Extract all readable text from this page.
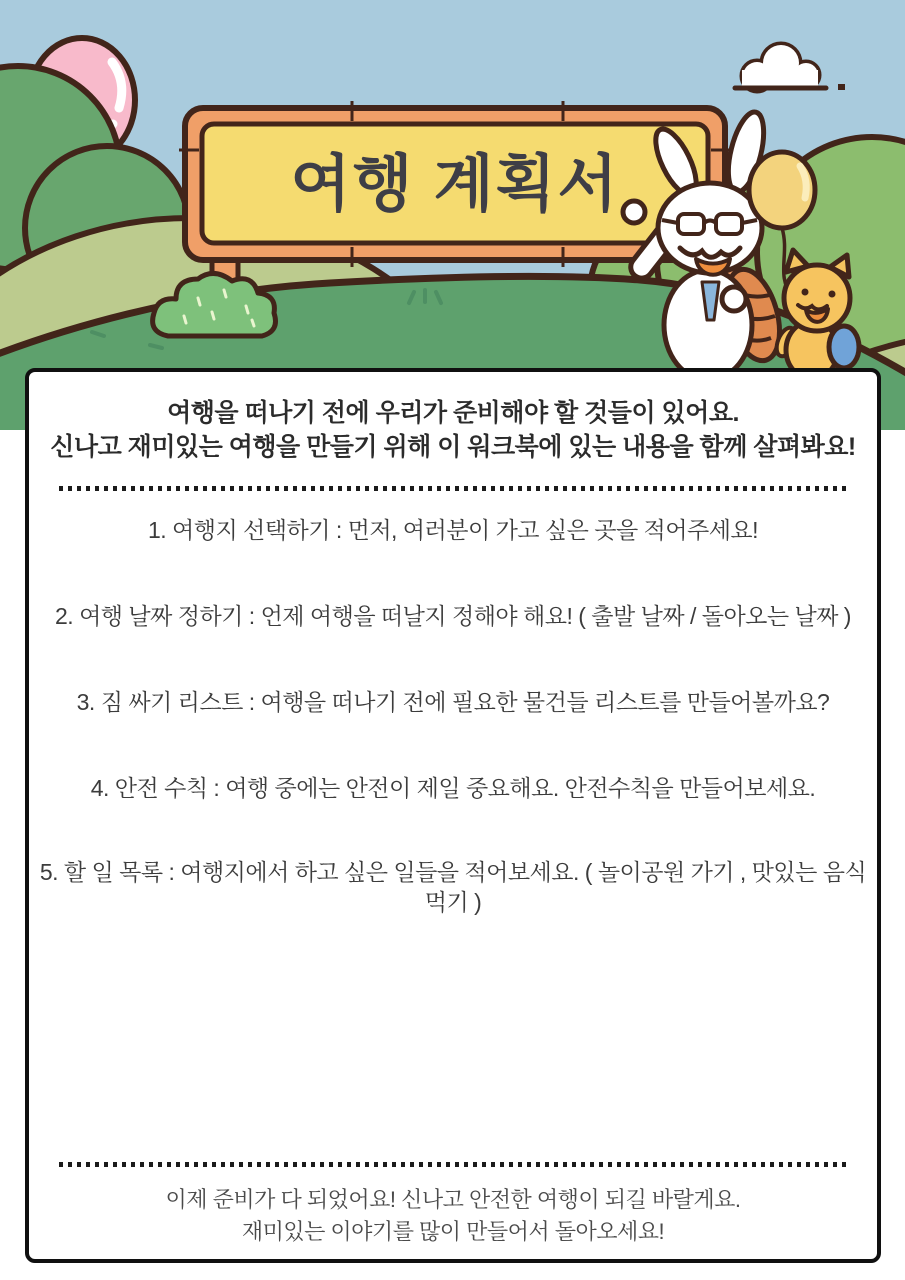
여행 계획서
여행을 떠나기 전에 우리가 준비해야 할 것들이 있어요.
신나고 재미있는 여행을 만들기 위해 이 워크북에 있는 내용을 함께 살펴봐요!
1. 여행지 선택하기 : 먼저, 여러분이 가고 싶은 곳을 적어주세요!
2. 여행 날짜 정하기 : 언제 여행을 떠날지 정해야 해요! ( 출발 날짜 / 돌아오는 날짜 )
3. 짐 싸기 리스트 : 여행을 떠나기 전에 필요한 물건들 리스트를 만들어볼까요?
4. 안전 수칙 : 여행 중에는 안전이 제일 중요해요. 안전수칙을 만들어보세요.
5. 할 일 목록 : 여행지에서 하고 싶은 일들을 적어보세요. ( 놀이공원 가기 , 맛있는 음식 먹기 )
이제 준비가 다 되었어요! 신나고 안전한 여행이 되길 바랄게요.
재미있는 이야기를 많이 만들어서 돌아오세요!
